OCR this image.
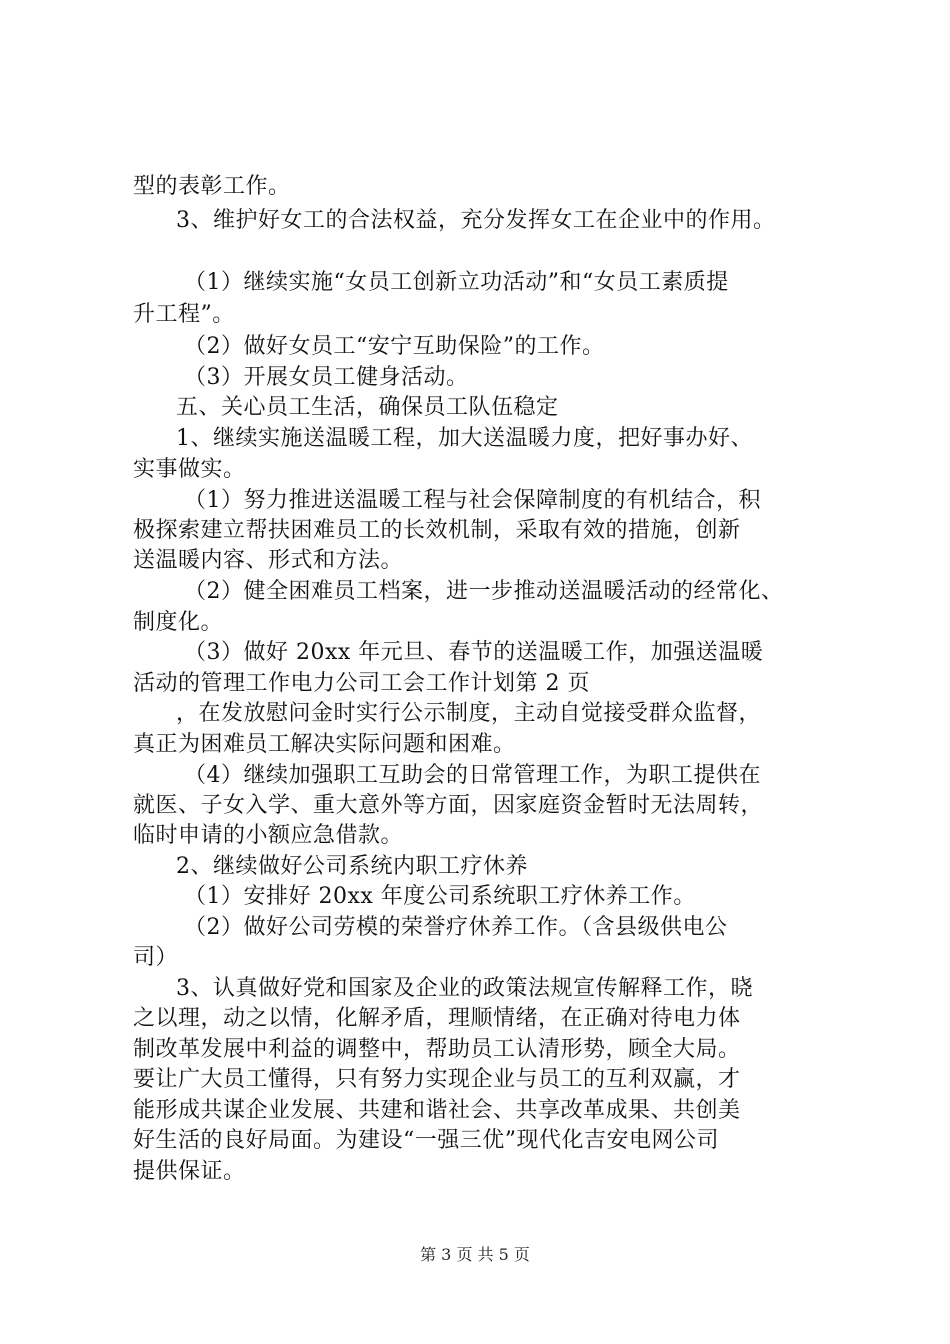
型的表彰工作。
3、维护好女工的合法权益，充分发挥女工在企业中的作用。
（1）继续实施“女员工创新立功活动”和“女员工素质提
升工程”。
（2）做好女员工“安宁互助保险”的工作。
（3）开展女员工健身活动。
五、关心员工生活，确保员工队伍稳定
1、继续实施送温暖工程，加大送温暖力度，把好事办好、
实事做实。
（1）努力推进送温暖工程与社会保障制度的有机结合，积
极探索建立帮扶困难员工的长效机制，采取有效的措施，创新
送温暖内容、形式和方法。
（2）健全困难员工档案，进一步推动送温暖活动的经常化、
制度化。
（3）做好 20xx 年元旦、春节的送温暖工作，加强送温暖
活动的管理工作电力公司工会工作计划第 2 页
，在发放慰问金时实行公示制度，主动自觉接受群众监督，
真正为困难员工解决实际问题和困难。
（4）继续加强职工互助会的日常管理工作，为职工提供在
就医、子女入学、重大意外等方面，因家庭资金暂时无法周转，
临时申请的小额应急借款。
2、继续做好公司系统内职工疗休养
（1）安排好 20xx 年度公司系统职工疗休养工作。
（2）做好公司劳模的荣誉疗休养工作。（含县级供电公
司）
3、认真做好党和国家及企业的政策法规宣传解释工作，晓
之以理，动之以情，化解矛盾，理顺情绪，在正确对待电力体
制改革发展中利益的调整中，帮助员工认清形势，顾全大局。
要让广大员工懂得，只有努力实现企业与员工的互利双赢，才
能形成共谋企业发展、共建和谐社会、共享改革成果、共创美
好生活的良好局面。为建设“一强三优”现代化吉安电网公司
提供保证。
第 3 页 共 5 页
